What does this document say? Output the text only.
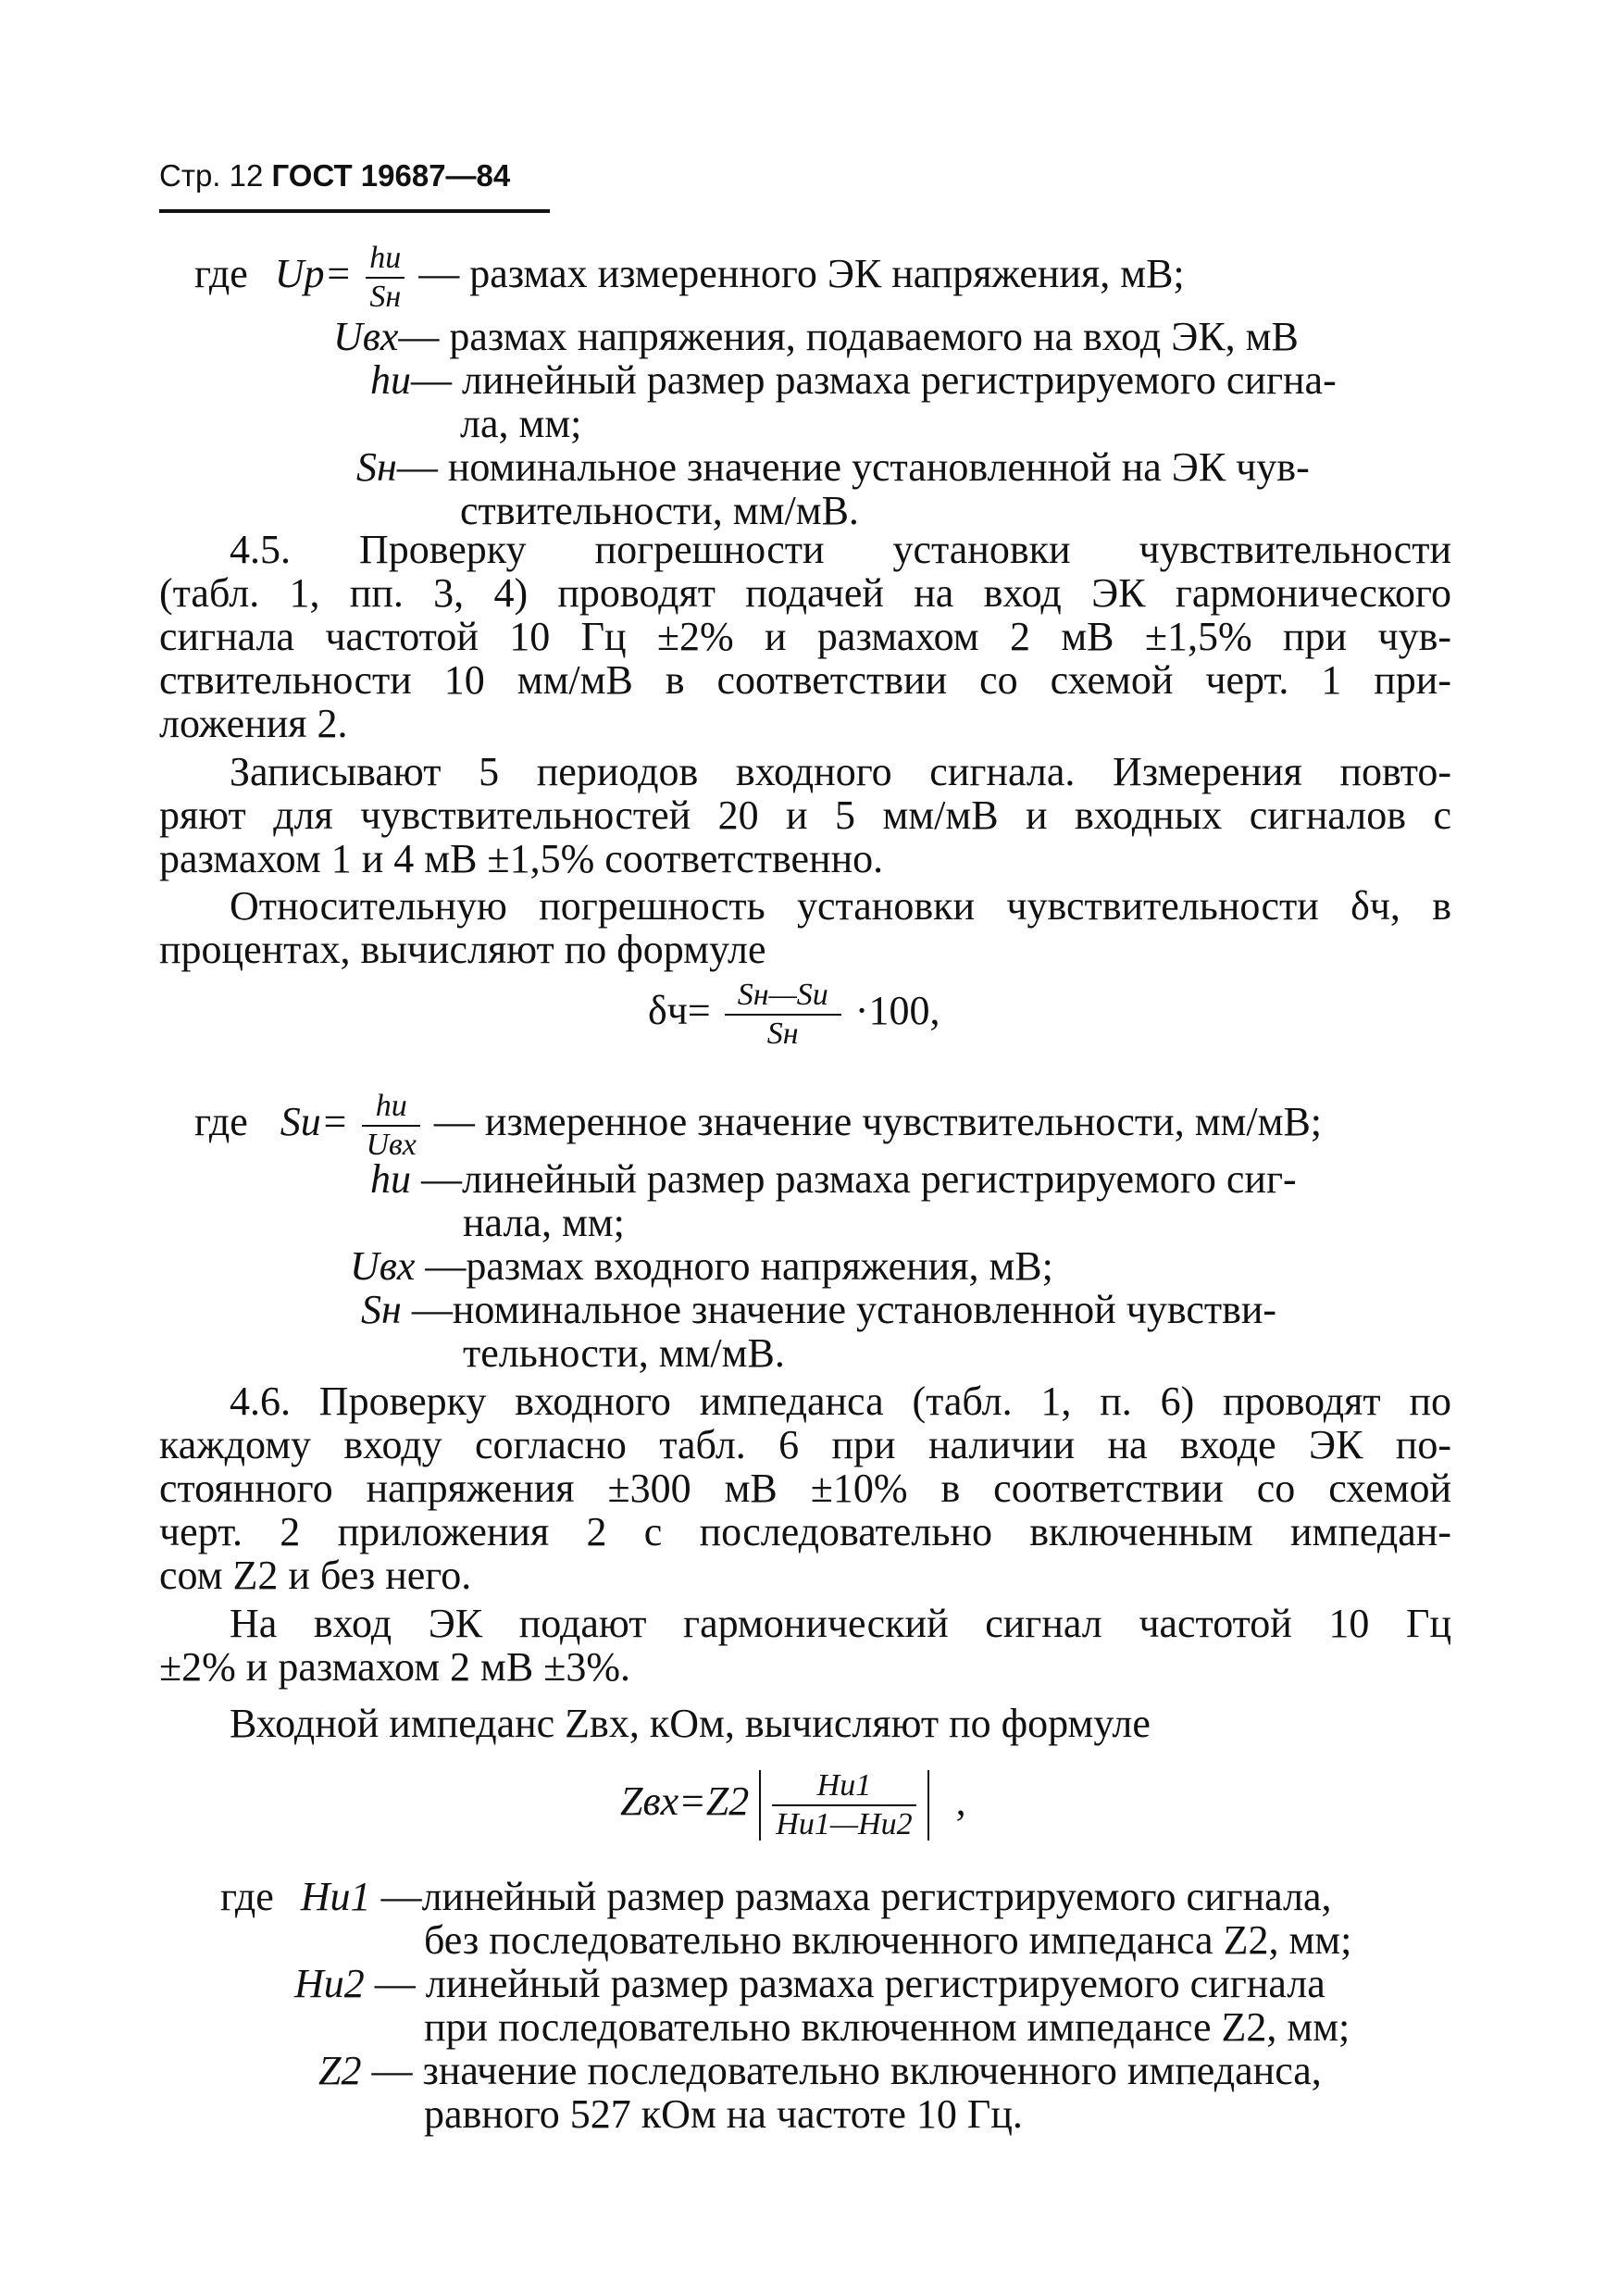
Стр. 12 ГОСТ 19687—84
где $Uр= \frac{hu}{Sн}$ — размах измеренного ЭК напряжения, мВ;
Uвх— размах напряжения, подаваемого на вход ЭК, мВ
hu— линейный размер размаха регистрируемого сигна-
ла, мм;
Sн— номинальное значение установленной на ЭК чув-
ствительности, мм/мВ.
4.5. Проверку погрешности установки чувствительности
(табл. 1, пп. 3, 4) проводят подачей на вход ЭК гармонического
сигнала частотой 10 Гц ±2% и размахом 2 мВ ±1,5% при чув-
ствительности 10 мм/мВ в соответствии со схемой черт. 1 при-
ложения 2.
Записывают 5 периодов входного сигнала. Измерения повто-
ряют для чувствительностей 20 и 5 мм/мВ и входных сигналов с
размахом 1 и 4 мВ ±1,5% соответственно.
Относительную погрешность установки чувствительности δч, в
процентах, вычисляют по формуле
$\delta ч= \frac{Sн—Su}{Sн} \cdot 100$,
где $Su= \frac{hu}{\text{Uвх}}$ — измеренное значение чувствительности, мм/мВ;
hu —линейный размер размаха регистрируемого сиг-
нала, мм;
Uвх —размах входного напряжения, мВ;
Sн —номинальное значение установленной чувстви-
тельности, мм/мВ.
4.6. Проверку входного импеданса (табл. 1, п. 6) проводят по
каждому входу согласно табл. 6 при наличии на входе ЭК по-
стоянного напряжения ±300 мВ ±10% в соответствии со схемой
черт. 2 приложения 2 с последовательно включенным импедан-
сом Z2 и без него.
На вход ЭК подают гармонический сигнал частотой 10 Гц
±2% и размахом 2 мВ ±3%.
Входной импеданс Zвх, кОм, вычисляют по формуле
$Zвх=Z2 \frac{Hu1}{Hu1—Hu2}$ ,
где Hu1 —линейный размер размаха регистрируемого сигнала,
без последовательно включенного импеданса Z2, мм;
Hu2 — линейный размер размаха регистрируемого сигнала
при последовательно включенном импедансе Z2, мм;
Z2 — значение последовательно включенного импеданса,
равного 527 кОм на частоте 10 Гц.
